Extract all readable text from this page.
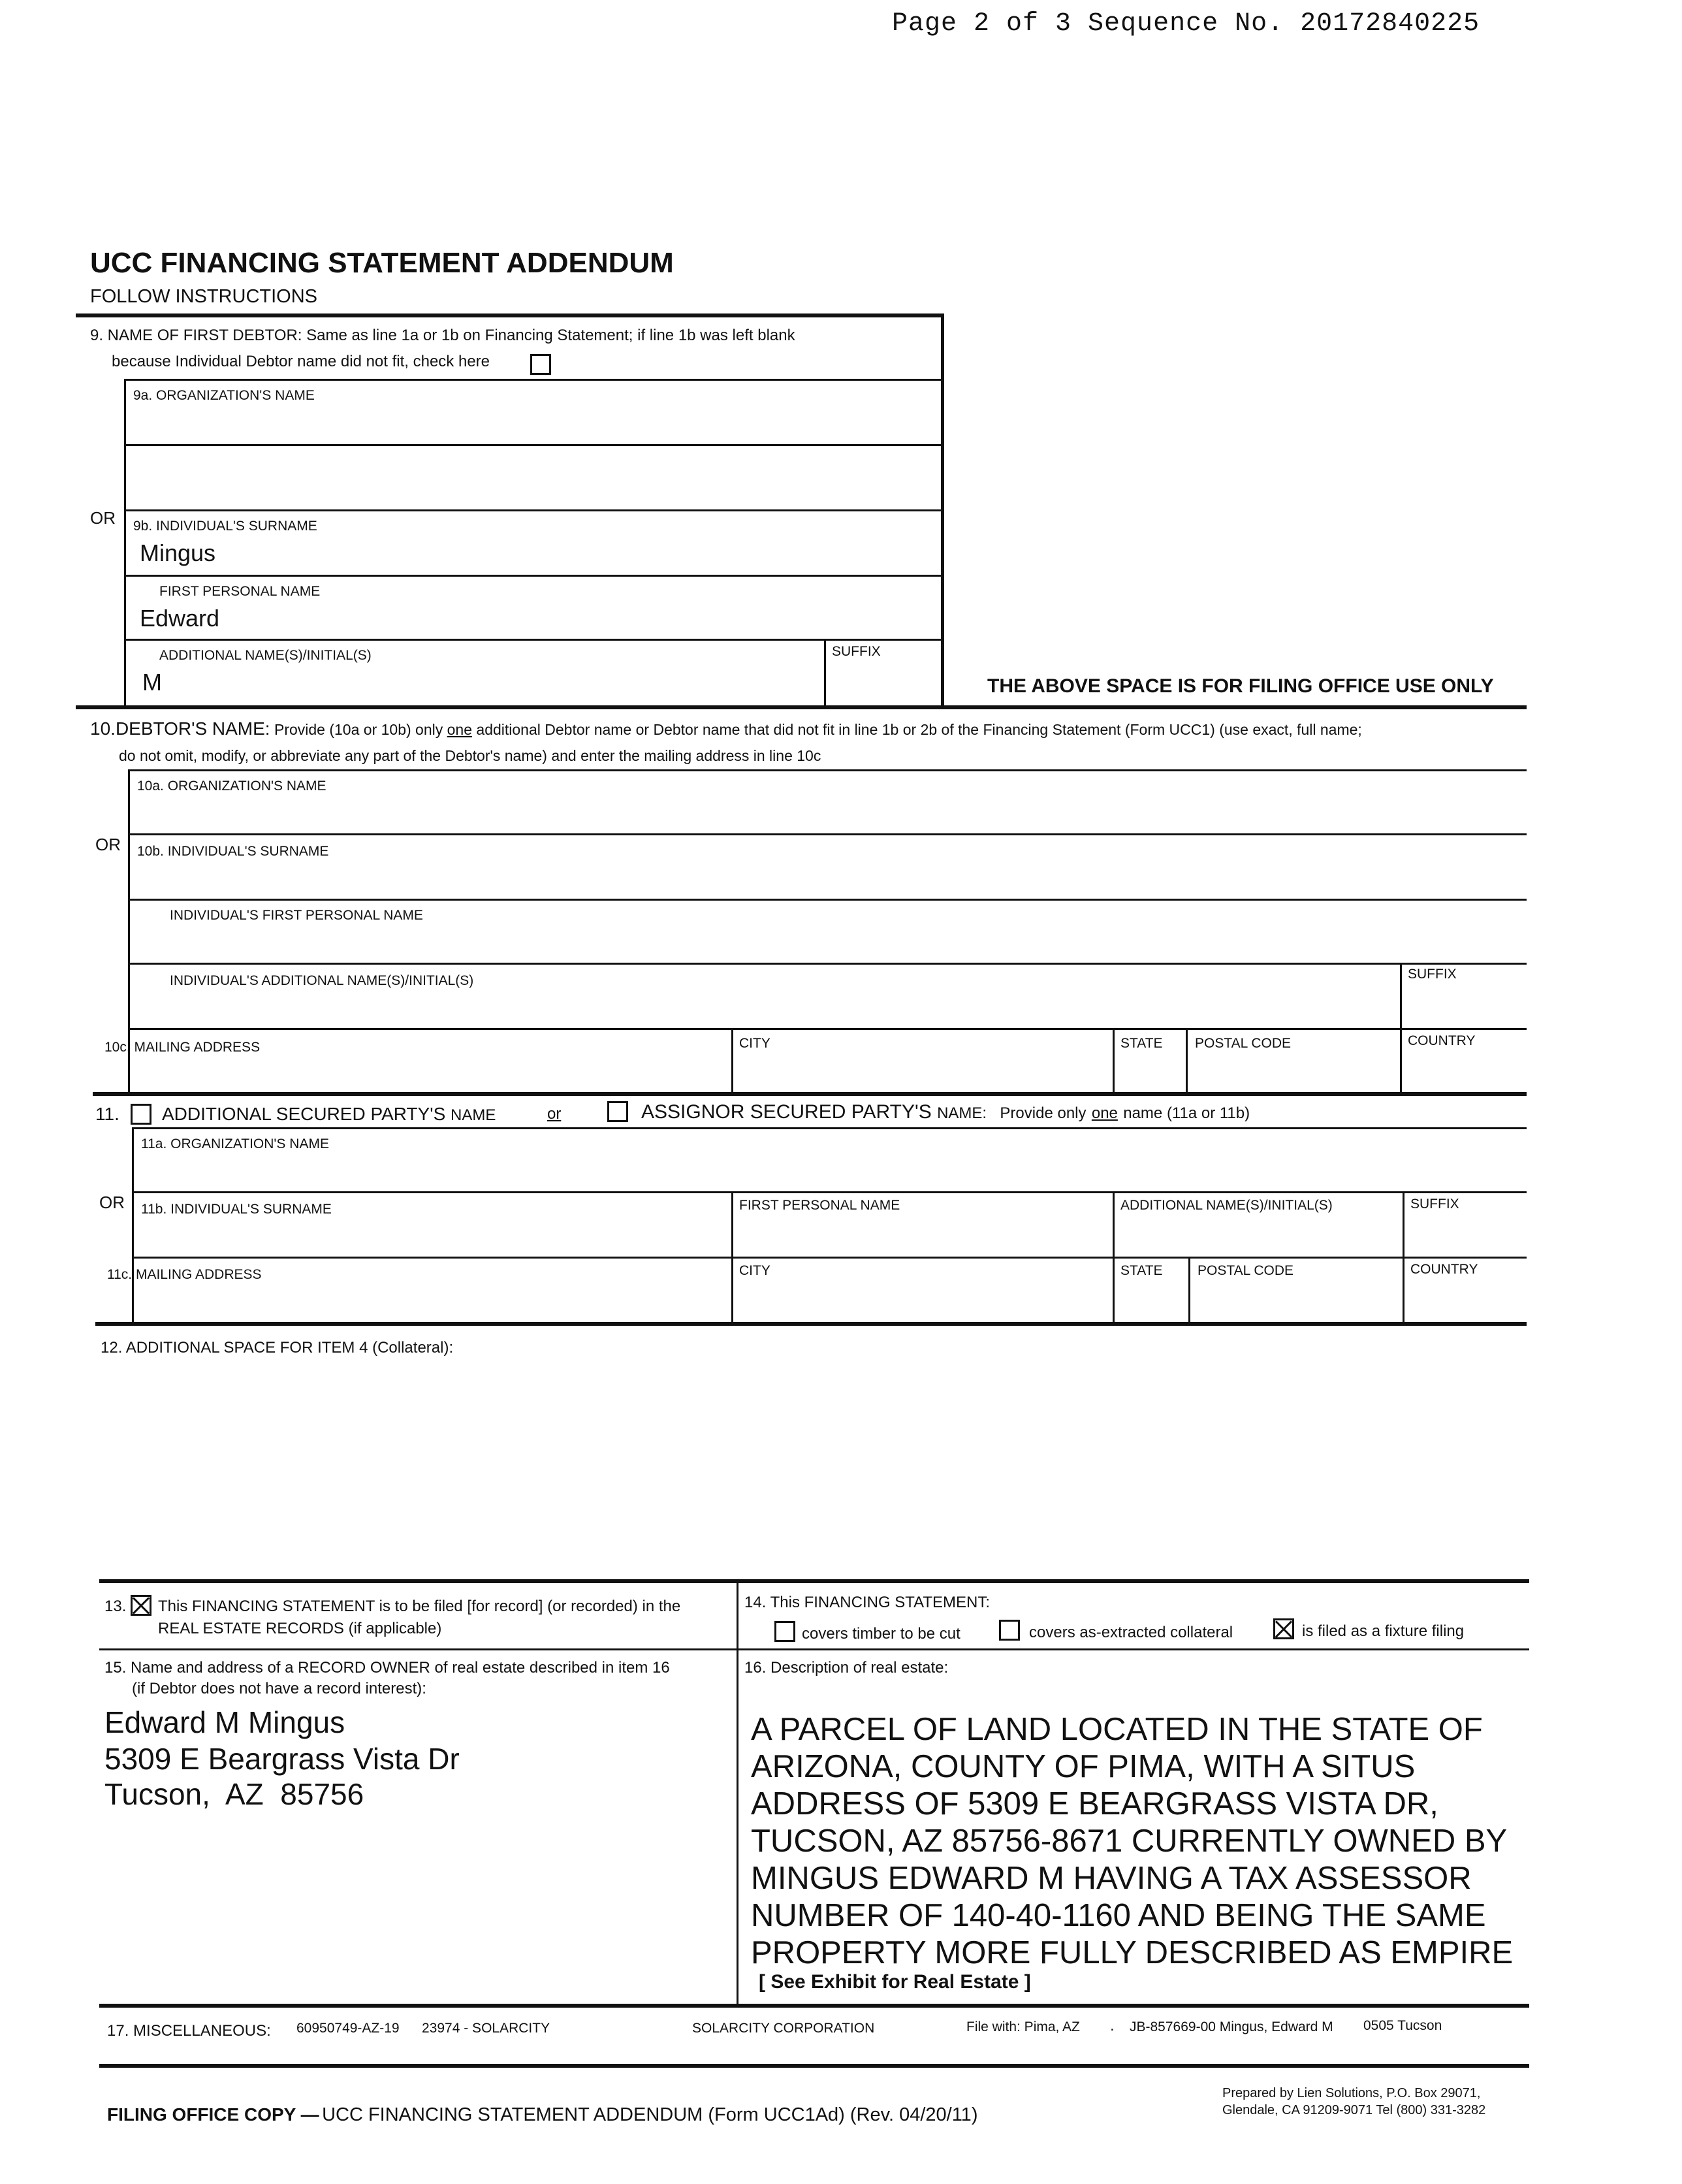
Page 2 of 3 Sequence No. 20172840225
UCC FINANCING STATEMENT ADDENDUM
FOLLOW INSTRUCTIONS
9. NAME OF FIRST DEBTOR: Same as line 1a or 1b on Financing Statement; if line 1b was left blank
because Individual Debtor name did not fit, check here
9a. ORGANIZATION'S NAME
OR 9b. INDIVIDUAL'S SURNAME
Mingus
FIRST PERSONAL NAME
Edward
ADDITIONAL NAME(S)/INITIAL(S)
M
SUFFIX
THE ABOVE SPACE IS FOR FILING OFFICE USE ONLY
10.DEBTOR'S NAME: Provide (10a or 10b) only one additional Debtor name or Debtor name that did not fit in line 1b or 2b of the Financing Statement (Form UCC1) (use exact, full name;
do not omit, modify, or abbreviate any part of the Debtor's name) and enter the mailing address in line 10c
10a. ORGANIZATION'S NAME
OR 10b. INDIVIDUAL'S SURNAME
INDIVIDUAL'S FIRST PERSONAL NAME
INDIVIDUAL'S ADDITIONAL NAME(S)/INITIAL(S)	SUFFIX
10c. MAILING ADDRESS	CITY	STATE POSTAL CODE	COUNTRY
11. ADDITIONAL SECURED PARTY'S NAME	or	ASSIGNOR SECURED PARTY'S NAME: Provide only one name (11a or 11b)
11a. ORGANIZATION'S NAME
OR 11b. INDIVIDUAL'S SURNAME	FIRST PERSONAL NAME	ADDITIONAL NAME(S)/INITIAL(S)	SUFFIX
11c. MAILING ADDRESS	CITY	STATE	POSTAL CODE	COUNTRY
12. ADDITIONAL SPACE FOR ITEM 4 (Collateral):
13. This FINANCING STATEMENT is to be filed [for record] (or recorded) in the
REAL ESTATE RECORDS (if applicable)
14. This FINANCING STATEMENT:
covers timber to be cut	covers as-extracted collateral	is filed as a fixture filing
15. Name and address of a RECORD OWNER of real estate described in item 16
(if Debtor does not have a record interest):
Edward M Mingus
5309 E Beargrass Vista Dr
Tucson,  AZ  85756
16. Description of real estate:
A PARCEL OF LAND LOCATED IN THE STATE OF
ARIZONA, COUNTY OF PIMA, WITH A SITUS
ADDRESS OF 5309 E BEARGRASS VISTA DR,
TUCSON, AZ 85756-8671 CURRENTLY OWNED BY
MINGUS EDWARD M HAVING A TAX ASSESSOR
NUMBER OF 140-40-1160 AND BEING THE SAME
PROPERTY MORE FULLY DESCRIBED AS EMPIRE
[ See Exhibit for Real Estate ]
17. MISCELLANEOUS: 60950749-AZ-19 23974 - SOLARCITY	SOLARCITY CORPORATION	File with: Pima, AZ . JB-857669-00 Mingus, Edward M 0505 Tucson
FILING OFFICE COPY — UCC FINANCING STATEMENT ADDENDUM (Form UCC1Ad) (Rev. 04/20/11)
Prepared by Lien Solutions, P.O. Box 29071,
Glendale, CA 91209-9071 Tel (800) 331-3282
